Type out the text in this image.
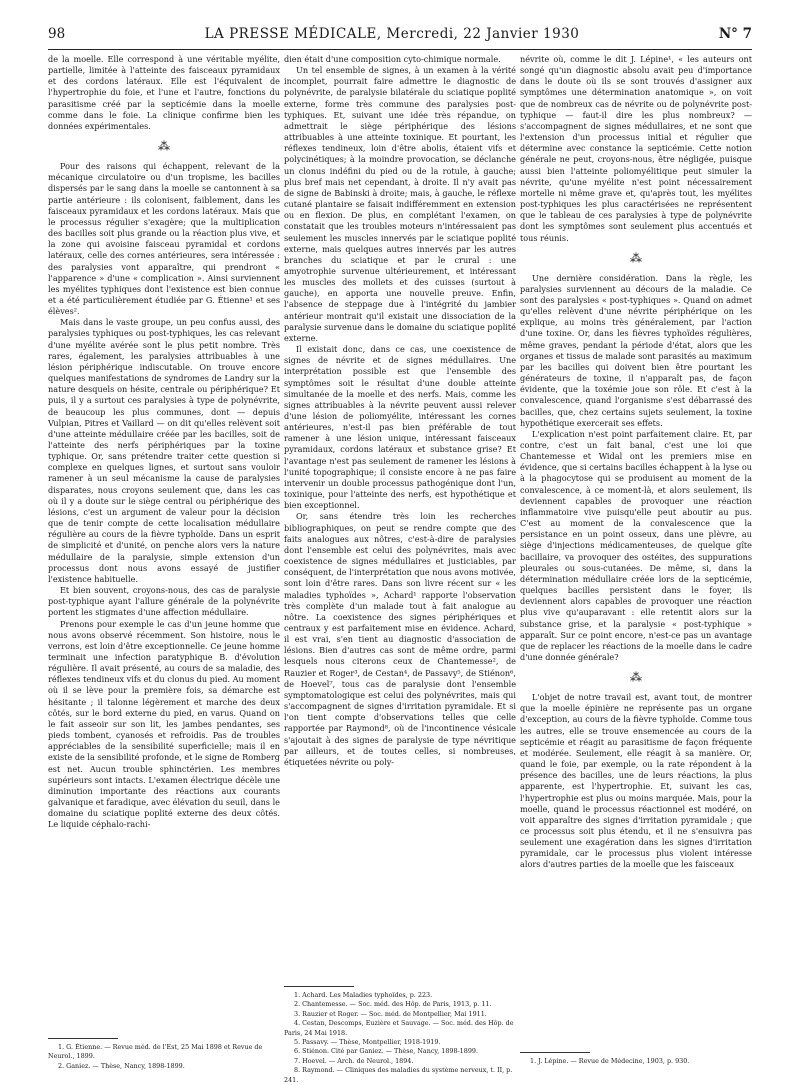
98	LA PRESSE MÉDICALE, Mercredi, 22 Janvier 1930	N° 7

de la moelle. Elle correspond à une véritable myélite, partielle, limitée à l'atteinte des faisceaux pyramidaux et des cordons latéraux. Elle est l'équivalent de l'hypertrophie du foie, et l'une et l'autre, fonctions du parasitisme créé par la septicémie dans la moelle comme dans le foie. La clinique confirme bien les données expérimentales.

⁂

Pour des raisons qui échappent, relevant de la mécanique circulatoire ou d'un tropisme, les bacilles dispersés par le sang dans la moelle se cantonnent à sa partie antérieure : ils colonisent, faiblement, dans les faisceaux pyramidaux et les cordons latéraux. Mais que le processus régulier s'exagère; que la multiplication des bacilles soit plus grande ou la réaction plus vive, et la zone qui avoisine faisceau pyramidal et cordons latéraux, celle des cornes antérieures, sera intéressée : des paralysies vont apparaître, qui prendront « l'apparence » d'une « complication ». Ainsi surviennent les myélites typhiques dont l'existence est bien connue et a été particulièrement étudiée par G. Étienne¹ et ses élèves².

Mais dans le vaste groupe, un peu confus aussi, des paralysies typhiques ou post-typhiques, les cas relevant d'une myélite avérée sont le plus petit nombre. Très rares, également, les paralysies attribuables à une lésion périphérique indiscutable. On trouve encore quelques manifestations de syndromes de Landry sur la nature desquels on hésite, centrale ou périphérique? Et puis, il y a surtout ces paralysies à type de polynévrite, de beaucoup les plus communes, dont — depuis Vulpian, Pitres et Vaillard — on dit qu'elles relèvent soit d'une atteinte médullaire créée par les bacilles, soit de l'atteinte des nerfs périphériques par la toxine typhique. Or, sans prétendre traiter cette question si complexe en quelques lignes, et surtout sans vouloir ramener à un seul mécanisme la cause de paralysies disparates, nous croyons seulement que, dans les cas où il y a doute sur le siège central ou périphérique des lésions, c'est un argument de valeur pour la décision que de tenir compte de cette localisation médullaire régulière au cours de la fièvre typhoïde. Dans un esprit de simplicité et d'unité, on penche alors vers la nature médullaire de la paralysie, simple extension d'un processus dont nous avons essayé de justifier l'existence habituelle.

Et bien souvent, croyons-nous, des cas de paralysie post-typhique ayant l'allure générale de la polynévrite portent les stigmates d'une affection médullaire.

Prenons pour exemple le cas d'un jeune homme que nous avons observé récemment. Son histoire, nous le verrons, est loin d'être exceptionnelle. Ce jeune homme terminait une infection paratyphique B. d'évolution régulière. Il avait présenté, au cours de sa maladie, des réflexes tendineux vifs et du clonus du pied. Au moment où il se lève pour la première fois, sa démarche est hésitante ; il talonne légèrement et marche des deux côtés, sur le bord externe du pied, en varus. Quand on le fait asseoir sur son lit, les jambes pendantes, ses pieds tombent, cyanosés et refroidis. Pas de troubles appréciables de la sensibilité superficielle; mais il en existe de la sensibilité profonde, et le signe de Romberg est net. Aucun trouble sphinctérien. Les membres supérieurs sont intacts. L'examen électrique décèle une diminution importante des réactions aux courants galvanique et faradique, avec élévation du seuil, dans le domaine du sciatique poplité externe des deux côtés. Le liquide céphalo-rachi-

dien était d'une composition cyto-chimique normale.

Un tel ensemble de signes, à un examen à la vérité incomplet, pourrait faire admettre le diagnostic de polynévrite, de paralysie bilatérale du sciatique poplité externe, forme très commune des paralysies post-typhiques. Et, suivant une idée très répandue, on admettrait le siège périphérique des lésions attribuables à une atteinte toxinique. Et pourtant, les réflexes tendineux, loin d'être abolis, étaient vifs et polycinétiques; à la moindre provocation, se déclanche un clonus indéfini du pied ou de la rotule, à gauche; plus bref mais net cependant, à droite. Il n'y avait pas de signe de Babinski à droite; mais, à gauche, le réflexe cutané plantaire se faisait indifféremment en extension ou en flexion. De plus, en complétant l'examen, on constatait que les troubles moteurs n'intéressaient pas seulement les muscles innervés par le sciatique poplité externe, mais quelques autres innervés par les autres branches du sciatique et par le crural : une amyotrophie survenue ultérieurement, et intéressant les muscles des mollets et des cuisses (surtout à gauche), en apporta une nouvelle preuve. Enfin, l'absence de steppage due à l'intégrité du jambier antérieur montrait qu'il existait une dissociation de la paralysie survenue dans le domaine du sciatique poplité externe.

Il existait donc, dans ce cas, une coexistence de signes de névrite et de signes médullaires. Une interprétation possible est que l'ensemble des symptômes soit le résultat d'une double atteinte simultanée de la moelle et des nerfs. Mais, comme les signes attribuables à la névrite peuvent aussi relever d'une lésion de poliomyélite, intéressant les cornes antérieures, n'est-il pas bien préférable de tout ramener à une lésion unique, intéressant faisceaux pyramidaux, cordons latéraux et substance grise? Et l'avantage n'est pas seulement de ramener les lésions à l'unité topographique; il consiste encore à ne pas faire intervenir un double processus pathogénique dont l'un, toxinique, pour l'atteinte des nerfs, est hypothétique et bien exceptionnel.

Or, sans étendre très loin les recherches bibliographiques, on peut se rendre compte que des faits analogues aux nôtres, c'est-à-dire de paralysies dont l'ensemble est celui des polynévrites, mais avec coexistence de signes médullaires et justiciables, par conséquent, de l'interprétation que nous avons motivée, sont loin d'être rares. Dans son livre récent sur « les maladies typhoïdes », Achard¹ rapporte l'observation très complète d'un malade tout à fait analogue au nôtre. La coexistence des signes périphériques et centraux y est parfaitement mise en évidence. Achard, il est vrai, s'en tient au diagnostic d'association de lésions. Bien d'autres cas sont de même ordre, parmi lesquels nous citerons ceux de Chantemesse², de Rauzier et Roger³, de Cestan⁴, de Passavy⁵, de Stiénon⁶, de Hoevel⁷, tous cas de paralysie dont l'ensemble symptomatologique est celui des polynévrites, mais qui s'accompagnent de signes d'irritation pyramidale. Et si l'on tient compte d'observations telles que celle rapportée par Raymond⁸, où de l'incontinence vésicale s'ajoutait à des signes de paralysie de type névritique par ailleurs, et de toutes celles, si nombreuses, étiquetées névrite ou poly-

névrite où, comme le dit J. Lépine¹, « les auteurs ont songé qu'un diagnostic absolu avait peu d'importance dans le doute où ils se sont trouvés d'assigner aux symptômes une détermination anatomique », on voit que de nombreux cas de névrite ou de polynévrite post-typhique — faut-il dire les plus nombreux? — s'accompagnent de signes médullaires, et ne sont que l'extension d'un processus initial et régulier que détermine avec constance la septicémie. Cette notion générale ne peut, croyons-nous, être négligée, puisque aussi bien l'atteinte poliomyélitique peut simuler la névrite, qu'une myélite n'est point nécessairement mortelle ni même grave et, qu'après tout, les myélites post-typhiques les plus caractérisées ne représentent que le tableau de ces paralysies à type de polynévrite dont les symptômes sont seulement plus accentués et tous réunis.

⁂

Une dernière considération. Dans la règle, les paralysies surviennent au décours de la maladie. Ce sont des paralysies « post-typhiques ». Quand on admet qu'elles relèvent d'une névrite périphérique on les explique, au moins très généralement, par l'action d'une toxine. Or, dans les fièvres typhoïdes régulières, même graves, pendant la période d'état, alors que les organes et tissus de malade sont parasités au maximum par les bacilles qui doivent bien être pourtant les générateurs de toxine, il n'apparaît pas, de façon évidente, que la toxémie joue son rôle. Et c'est à la convalescence, quand l'organisme s'est débarrassé des bacilles, que, chez certains sujets seulement, la toxine hypothétique exercerait ses effets.

L'explication n'est point parfaitement claire. Et, par contre, c'est un fait banal, c'est une loi que Chantemesse et Widal ont les premiers mise en évidence, que si certains bacilles échappent à la lyse ou à la phagocytose qui se produisent au moment de la convalescence, à ce moment-là, et alors seulement, ils deviennent capables de provoquer une réaction inflammatoire vive puisqu'elle peut aboutir au pus. C'est au moment de la convalescence que la persistance en un point osseux, dans une plèvre, au siège d'injections médicamenteuses, de quelque gîte bacillaire, va provoquer des ostéites, des suppurations pleurales ou sous-cutanées. De même, si, dans la détermination médullaire créée lors de la septicémie, quelques bacilles persistent dans le foyer, ils deviennent alors capables de provoquer une réaction plus vive qu'auparavant : elle retentit alors sur la substance grise, et la paralysie « post-typhique » apparaît. Sur ce point encore, n'est-ce pas un avantage que de replacer les réactions de la moelle dans le cadre d'une donnée générale?

⁂

L'objet de notre travail est, avant tout, de montrer que la moelle épinière ne représente pas un organe d'exception, au cours de la fièvre typhoïde. Comme tous les autres, elle se trouve ensemencée au cours de la septicémie et réagit au parasitisme de façon fréquente et modérée. Seulement, elle réagit à sa manière. Or, quand le foie, par exemple, ou la rate répondent à la présence des bacilles, une de leurs réactions, la plus apparente, est l'hypertrophie. Et, suivant les cas, l'hypertrophie est plus ou moins marquée. Mais, pour la moelle, quand le processus réactionnel est modéré, on voit apparaître des signes d'irritation pyramidale ; que ce processus soit plus étendu, et il ne s'ensuivra pas seulement une exagération dans les signes d'irritation pyramidale, car le processus plus violent intéresse alors d'autres parties de la moelle que les faisceaux

1. G. Étienne. — Revue méd. de l'Est, 25 Mai 1898 et Revue de Neurol., 1899.
2. Ganiez. — Thèse, Nancy, 1898-1899.
1. Achard. Les Maladies typhoïdes, p. 223.
2. Chantemesse. — Soc. méd. des Hôp. de Paris, 1913, p. 11.
3. Rauzier et Roger. — Soc. méd. de Montpellier, Mai 1911.
4. Cestan, Descomps, Euzière et Sauvage. — Soc. méd. des Hôp. de Paris, 24 Mai 1918.
5. Passavy. — Thèse, Montpellier, 1918-1919.
6. Stiénon. Cité par Ganiez. — Thèse, Nancy, 1898-1899.
7. Hoevel. — Arch. de Neurol., 1894.
8. Raymond. — Cliniques des maladies du système nerveux, t. II, p. 241.
1. J. Lépine. — Revue de Médecine, 1903, p. 930.
